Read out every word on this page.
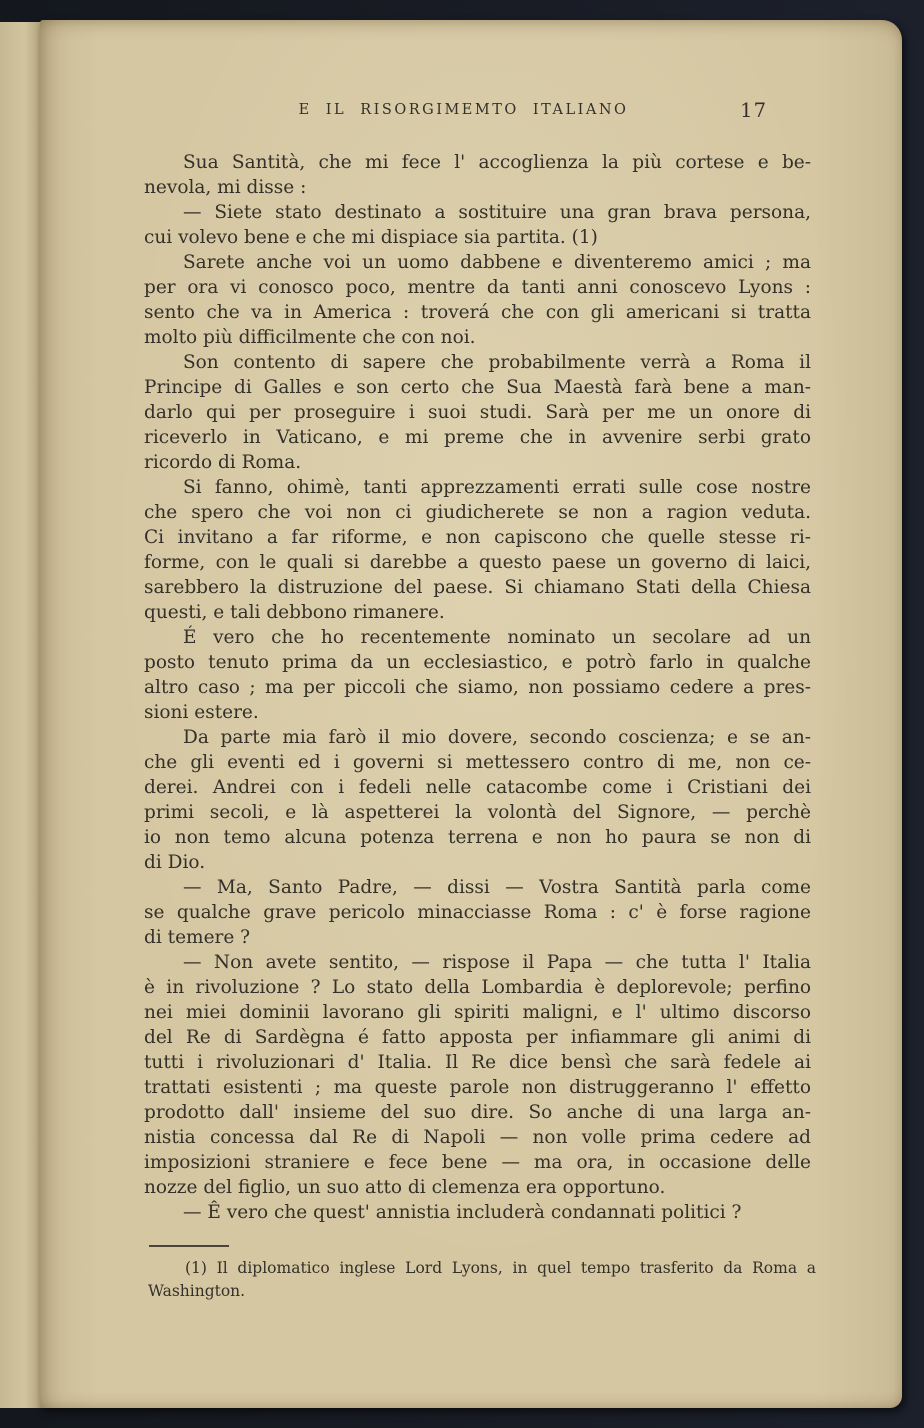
E IL RISORGIMEMTO ITALIANO	17

Sua Santità, che mi fece l' accoglienza la più cortese e be-
nevola, mi disse :

— Siete stato destinato a sostituire una gran brava persona,
cui volevo bene e che mi dispiace sia partita. (1)

Sarete anche voi un uomo dabbene e diventeremo amici ; ma
per ora vi conosco poco, mentre da tanti anni conoscevo Lyons :
sento che va in America : troverá che con gli americani si tratta
molto più difficilmente che con noi.

Son contento di sapere che probabilmente verrà a Roma il
Principe di Galles e son certo che Sua Maestà farà bene a man-
darlo qui per proseguire i suoi studi. Sarà per me un onore di
riceverlo in Vaticano, e mi preme che in avvenire serbi grato
ricordo di Roma.

Si fanno, ohimè, tanti apprezzamenti errati sulle cose nostre
che spero che voi non ci giudicherete se non a ragion veduta.
Ci invitano a far riforme, e non capiscono che quelle stesse ri-
forme, con le quali si darebbe a questo paese un governo di laici,
sarebbero la distruzione del paese. Si chiamano Stati della Chiesa
questi, e tali debbono rimanere.

É vero che ho recentemente nominato un secolare ad un
posto tenuto prima da un ecclesiastico, e potrò farlo in qualche
altro caso ; ma per piccoli che siamo, non possiamo cedere a pres-
sioni estere.

Da parte mia farò il mio dovere, secondo coscienza; e se an-
che gli eventi ed i governi si mettessero contro di me, non ce-
derei. Andrei con i fedeli nelle catacombe come i Cristiani dei
primi secoli, e là aspetterei la volontà del Signore, — perchè
io non temo alcuna potenza terrena e non ho paura se non di
di Dio.

— Ma, Santo Padre, — dissi — Vostra Santità parla come
se qualche grave pericolo minacciasse Roma : c' è forse ragione
di temere ?

— Non avete sentito, — rispose il Papa — che tutta l' Italia
è in rivoluzione ? Lo stato della Lombardia è deplorevole; perfino
nei miei dominii lavorano gli spiriti maligni, e l' ultimo discorso
del Re di Sardègna é fatto apposta per infiammare gli animi di
tutti i rivoluzionari d' Italia. Il Re dice bensì che sarà fedele ai
trattati esistenti ; ma queste parole non distruggeranno l' effetto
prodotto dall' insieme del suo dire. So anche di una larga an-
nistia concessa dal Re di Napoli — non volle prima cedere ad
imposizioni straniere e fece bene — ma ora, in occasione delle
nozze del figlio, un suo atto di clemenza era opportuno.

— Ê vero che quest' annistia includerà condannati politici ?

(1) Il diplomatico inglese Lord Lyons, in quel tempo trasferito da Roma a
Washington.
